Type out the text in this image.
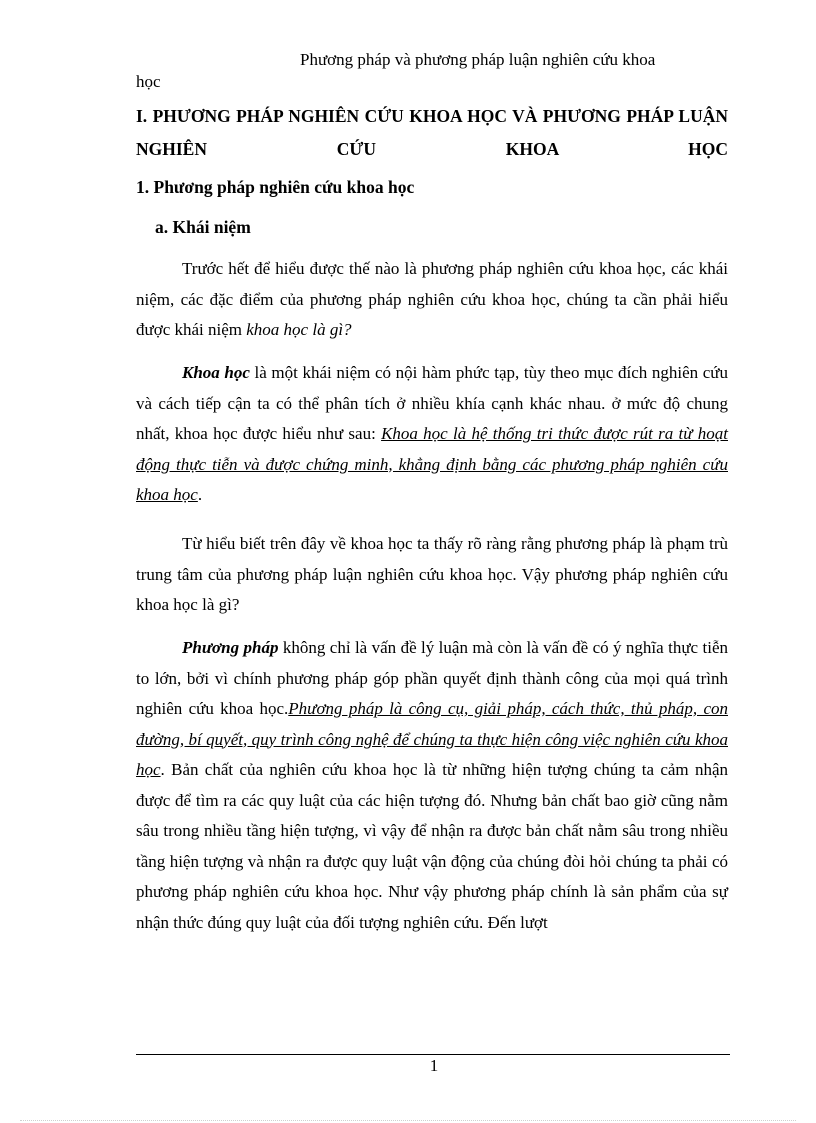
Phương pháp và phương pháp luận nghiên cứu khoa
học
I. PHƯƠNG PHÁP NGHIÊN CỨU KHOA HỌC VÀ PHƯƠNG PHÁP LUẬN NGHIÊN CỨU KHOA HỌC
1. Phương pháp nghiên cứu khoa học
a. Khái niệm
Trước hết để hiểu được thế nào là phương pháp nghiên cứu khoa học, các khái niệm, các đặc điểm của phương pháp nghiên cứu khoa học, chúng ta cần phải hiểu được khái niệm khoa học là gì?
Khoa học là một khái niệm có nội hàm phức tạp, tùy theo mục đích nghiên cứu và cách tiếp cận ta có thể phân tích ở nhiều khía cạnh khác nhau. ở mức độ chung nhất, khoa học được hiểu như sau: Khoa học là hệ thống tri thức được rút ra từ hoạt động thực tiễn và được chứng minh, khẳng định bằng các phương pháp nghiên cứu khoa học.
Từ hiểu biết trên đây về khoa học ta thấy rõ ràng rằng phương pháp là phạm trù trung tâm của phương pháp luận nghiên cứu khoa học. Vậy phương pháp nghiên cứu khoa học là gì?
Phương pháp không chỉ là vấn đề lý luận mà còn là vấn đề có ý nghĩa thực tiễn to lớn, bởi vì chính phương pháp góp phần quyết định thành công của mọi quá trình nghiên cứu khoa học.Phương pháp là công cụ, giải pháp, cách thức, thủ pháp, con đường, bí quyết, quy trình công nghệ để chúng ta thực hiện công việc nghiên cứu khoa học. Bản chất của nghiên cứu khoa học là từ những hiện tượng chúng ta cảm nhận được để tìm ra các quy luật của các hiện tượng đó. Nhưng bản chất bao giờ cũng nằm sâu trong nhiều tầng hiện tượng, vì vậy để nhận ra được bản chất nằm sâu trong nhiều tầng hiện tượng và nhận ra được quy luật vận động của chúng đòi hỏi chúng ta phải có phương pháp nghiên cứu khoa học. Như vậy phương pháp chính là sản phẩm của sự nhận thức đúng quy luật của đối tượng nghiên cứu. Đến lượt
1
